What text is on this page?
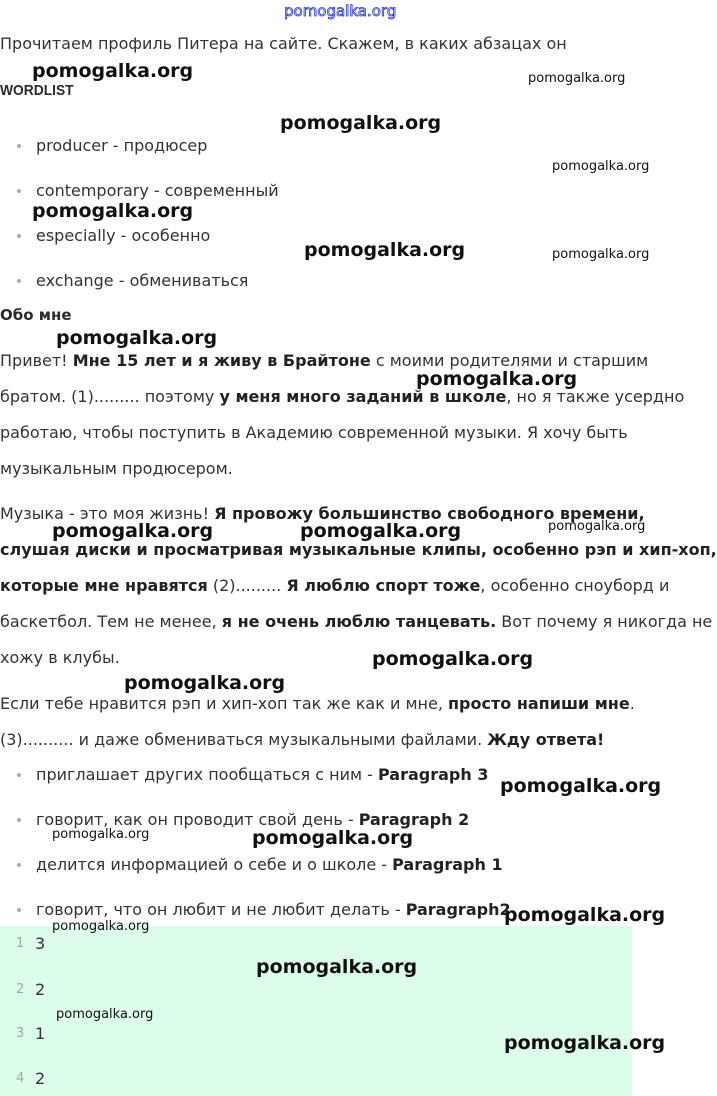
pomogalka.org
Прочитаем профиль Питера на сайте. Скажем, в каких абзацах он
WORDLIST
producer - продюсер
contemporary - современный
especially - особенно
exchange - обмениваться
Обо мне
Привет! Мне 15 лет и я живу в Брайтоне с моими родителями и старшим
братом. (1)......... поэтому у меня много заданий в школе, но я также усердно
работаю, чтобы поступить в Академию современной музыки. Я хочу быть
музыкальным продюсером.
Музыка - это моя жизнь! Я провожу большинство свободного времени,
слушая диски и просматривая музыкальные клипы, особенно рэп и хип-хоп,
которые мне нравятся (2)......... Я люблю спорт тоже, особенно сноуборд и
баскетбол. Тем не менее, я не очень люблю танцевать. Вот почему я никогда не
хожу в клубы.
Если тебе нравится рэп и хип-хоп так же как и мне, просто напиши мне.
(3).......... и даже обмениваться музыкальными файлами. Жду ответа!
приглашает других пообщаться с ним - Paragraph 3
говорит, как он проводит свой день - Paragraph 2
делится информацией о себе и о школе - Paragraph 1
говорит, что он любит и не любит делать - Paragraph2
1 3
2 2
3 1
4 2
pomogalka.org	pomogalka.org
pomogalka.org
pomogalka.org
pomogalka.org
pomogalka.org	pomogalka.org
pomogalka.org
pomogalka.org
pomogalka.org	pomogalka.org	pomogalka.org
pomogalka.org
pomogalka.org
pomogalka.org
pomogalka.org	pomogalka.org
pomogalka.org
pomogalka.org
pomogalka.org
pomogalka.org
pomogalka.org
